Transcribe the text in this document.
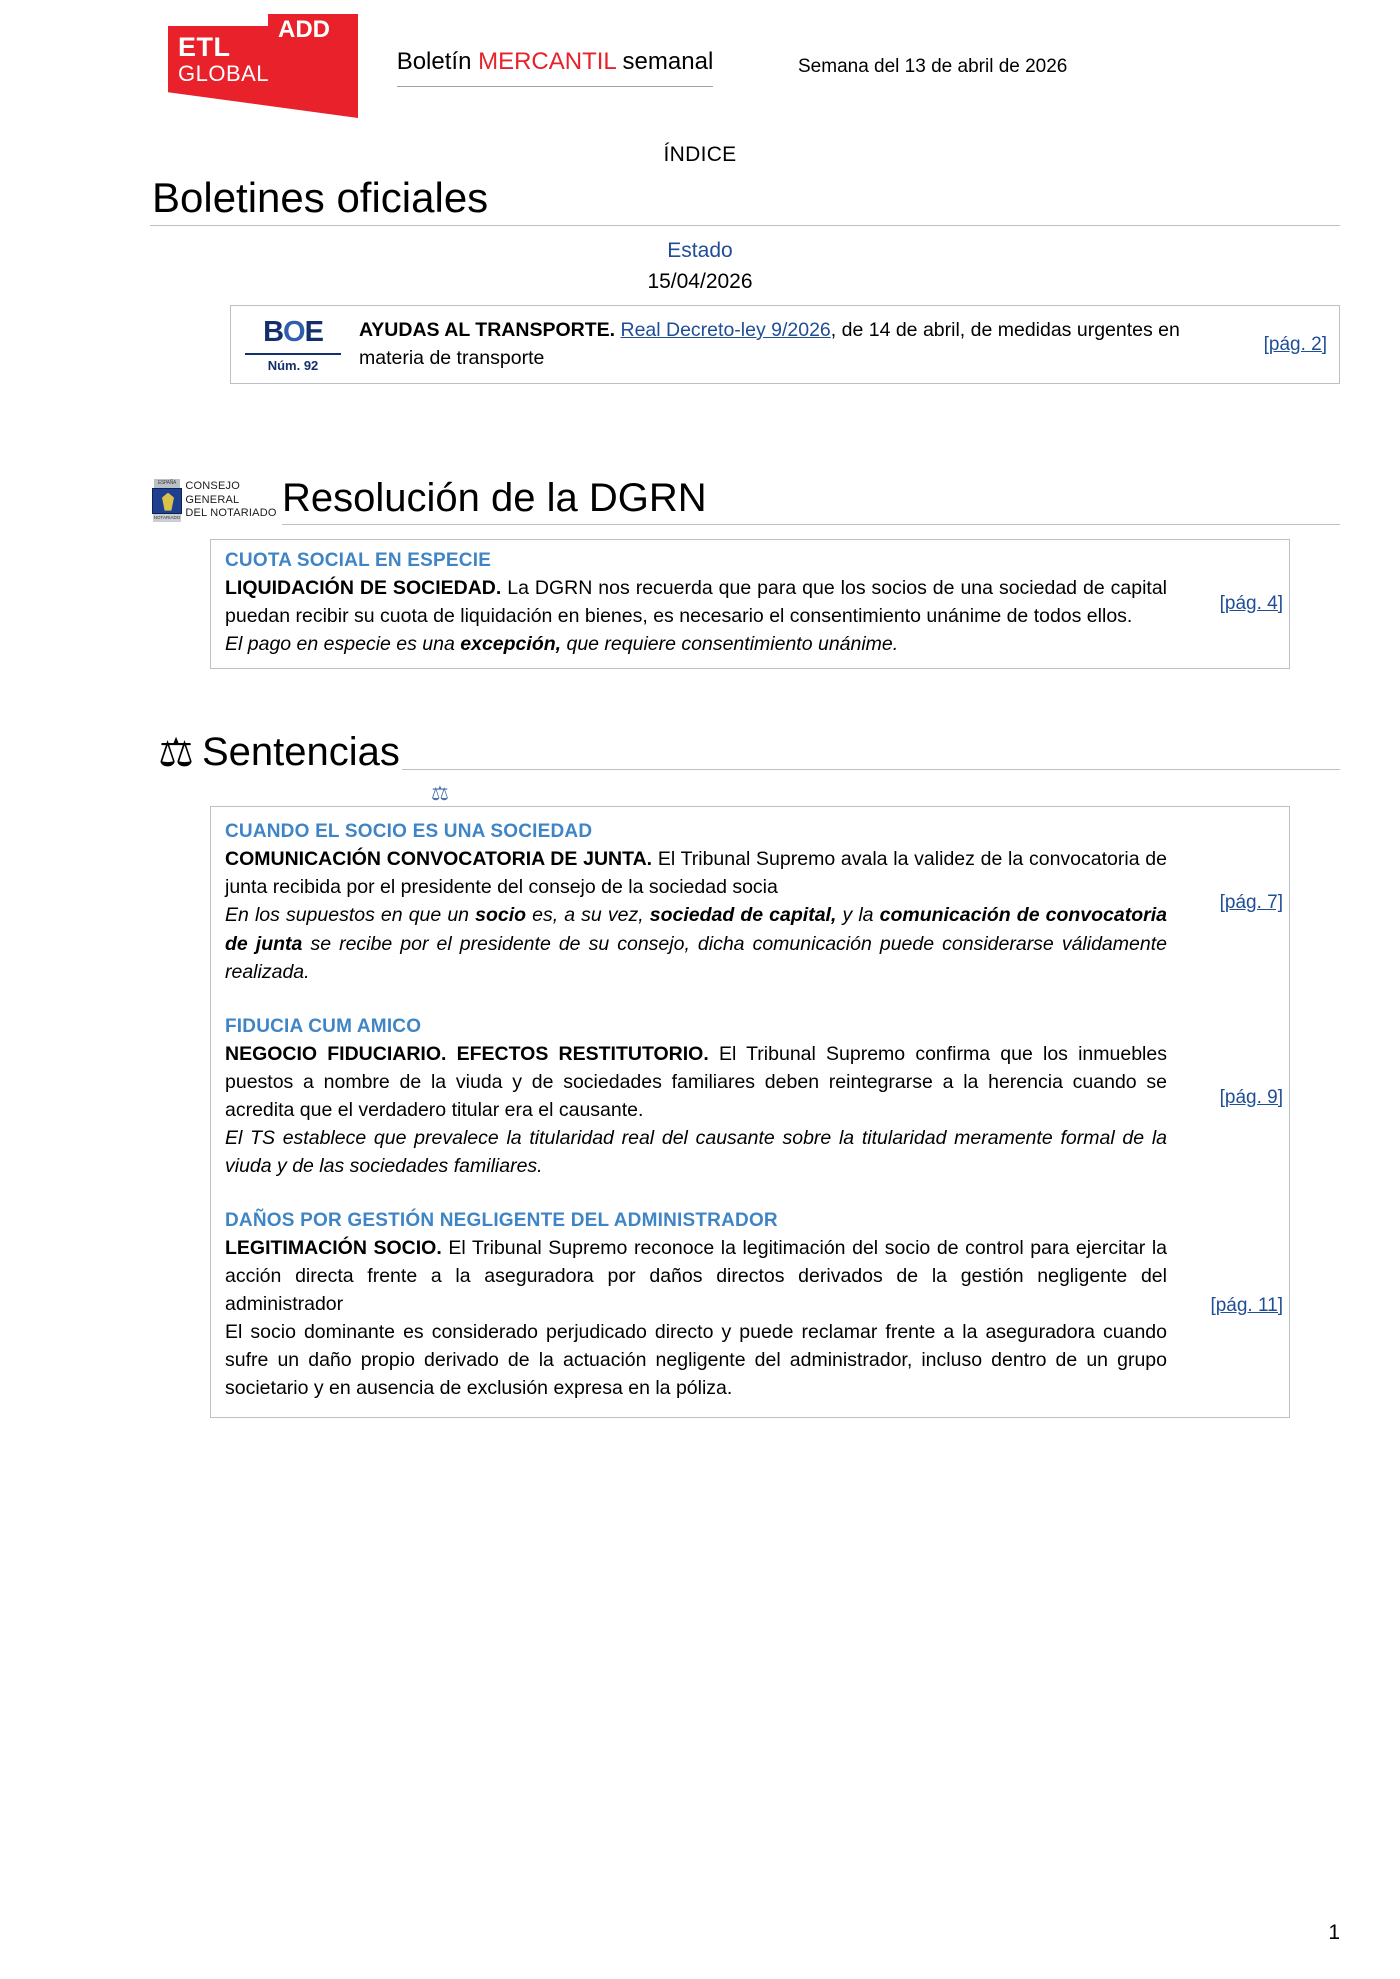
ETL
GLOBAL
ADD
Boletín MERCANTIL semanal	Semana del 13 de abril de 2026
ÍNDICE
Boletines oficiales
Estado
15/04/2026
BOE
Núm. 92
AYUDAS AL TRANSPORTE. Real Decreto-ley 9/2026, de 14 de abril, de medidas urgentes en materia de transporte
[pág. 2]
ESPAÑA
NOTARIADO
CONSEJO GENERAL
DEL NOTARIADO Resolución de la DGRN
CUOTA SOCIAL EN ESPECIE

LIQUIDACIÓN DE SOCIEDAD. La DGRN nos recuerda que para que los socios de una sociedad de capital puedan recibir su cuota de liquidación en bienes, es necesario el consentimiento unánime de todos ellos.

El pago en especie es una excepción, que requiere consentimiento unánime.

[pág. 4]
⚖ Sentencias
⚖
CUANDO EL SOCIO ES UNA SOCIEDAD

COMUNICACIÓN CONVOCATORIA DE JUNTA. El Tribunal Supremo avala la validez de la convocatoria de junta recibida por el presidente del consejo de la sociedad socia

En los supuestos en que un socio es, a su vez, sociedad de capital, y la comunicación de convocatoria de junta se recibe por el presidente de su consejo, dicha comunicación puede considerarse válidamente realizada.

[pág. 7]
FIDUCIA CUM AMICO

NEGOCIO FIDUCIARIO. EFECTOS RESTITUTORIO. El Tribunal Supremo confirma que los inmuebles puestos a nombre de la viuda y de sociedades familiares deben reintegrarse a la herencia cuando se acredita que el verdadero titular era el causante.

El TS establece que prevalece la titularidad real del causante sobre la titularidad meramente formal de la viuda y de las sociedades familiares.

[pág. 9]
DAÑOS POR GESTIÓN NEGLIGENTE DEL ADMINISTRADOR

LEGITIMACIÓN SOCIO. El Tribunal Supremo reconoce la legitimación del socio de control para ejercitar la acción directa frente a la aseguradora por daños directos derivados de la gestión negligente del administrador

El socio dominante es considerado perjudicado directo y puede reclamar frente a la aseguradora cuando sufre un daño propio derivado de la actuación negligente del administrador, incluso dentro de un grupo societario y en ausencia de exclusión expresa en la póliza.

[pág. 11]
1
